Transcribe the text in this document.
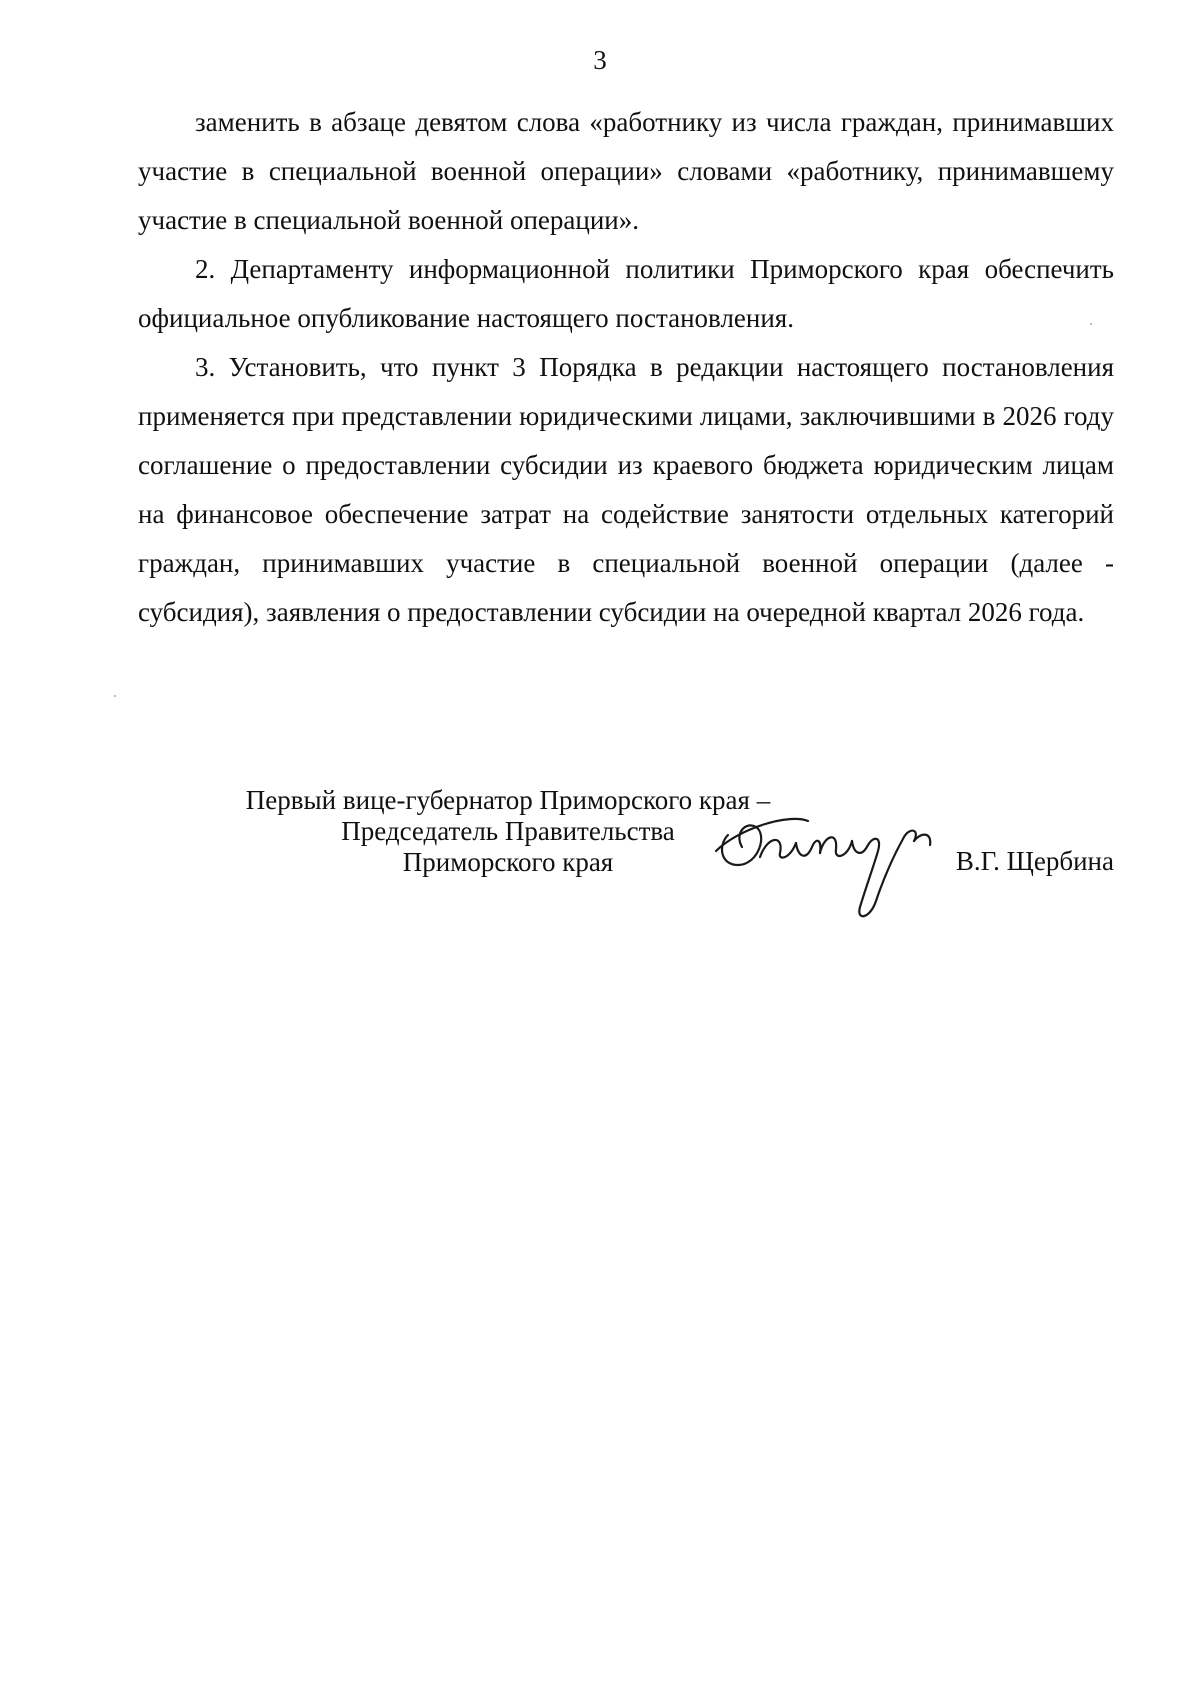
3

заменить в абзаце девятом слова «работнику из числа граждан, принимавших участие в специальной военной операции» словами «работнику, принимавшему участие в специальной военной операции».

2. Департаменту информационной политики Приморского края обеспечить официальное опубликование настоящего постановления.

3. Установить, что пункт 3 Порядка в редакции настоящего постановления применяется при представлении юридическими лицами, заключившими в 2026 году соглашение о предоставлении субсидии из краевого бюджета юридическим лицам на финансовое обеспечение затрат на содействие занятости отдельных категорий граждан, принимавших участие в специальной военной операции (далее - субсидия), заявления о предоставлении субсидии на очередной квартал 2026 года.

Первый вице-губернатор Приморского края –
Председатель Правительства
Приморского края	В.Г. Щербина
